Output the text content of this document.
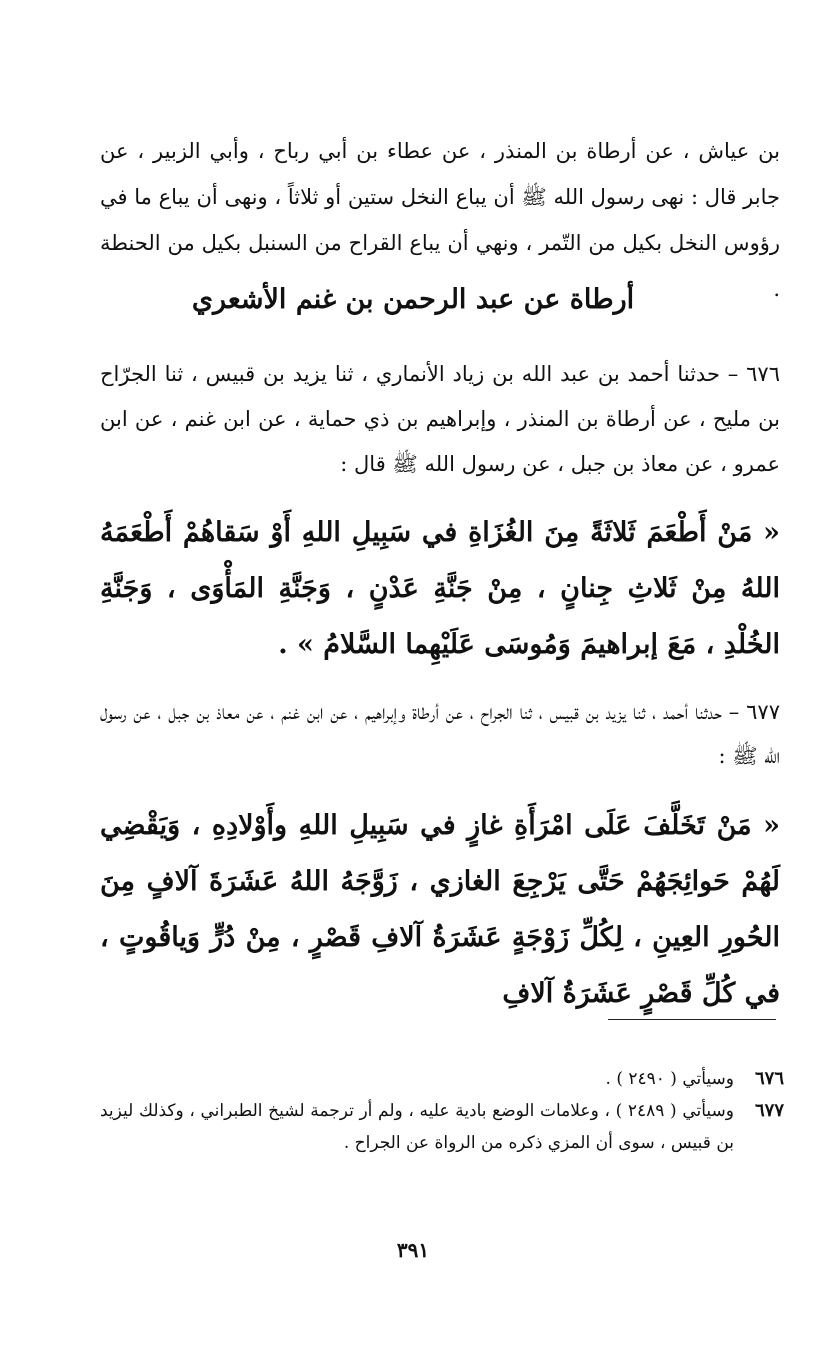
بن عياش ، عن أرطاة بن المنذر ، عن عطاء بن أبي رباح ، وأبي الزبير ، عن جابر قال : نهى رسول الله ﷺ أن يباع النخل ستين أو ثلاثاً ، ونهى أن يباع ما في رؤوس النخل بكيل من التّمر ، ونهي أن يباع القراح من السنبل بكيل من الحنطة .

أرطاة عن عبد الرحمن بن غنم الأشعري

٦٧٦ – حدثنا أحمد بن عبد الله بن زياد الأنماري ، ثنا يزيد بن قبيس ، ثنا الجرّاح بن مليح ، عن أرطاة بن المنذر ، وإبراهيم بن ذي حماية ، عن ابن غنم ، عن ابن عمرو ، عن معاذ بن جبل ، عن رسول الله ﷺ قال :

« مَنْ أَطْعَمَ ثَلاثَةً مِنَ الغُزَاةِ في سَبِيلِ اللهِ أَوْ سَقاهُمْ أَطْعَمَهُ اللهُ مِنْ ثَلاثِ جِنانٍ ، مِنْ جَنَّةِ عَدْنٍ ، وَجَنَّةِ المَأْوَى ، وَجَنَّةِ الخُلْدِ ، مَعَ إبراهيمَ وَمُوسَى عَلَيْهِما السَّلامُ » .

٦٧٧ – حدثنا أحمد ، ثنا يزيد بن قبيس ، ثنا الجراح ، عن أرطاة وإبراهيم ، عن ابن غنم ، عن معاذ بن جبل ، عن رسول الله ﷺ :

« مَنْ تَخَلَّفَ عَلَى امْرَأَةِ غازٍ في سَبِيلِ اللهِ وأَوْلادِهِ ، وَيَقْضِي لَهُمْ حَوائِجَهُمْ حَتَّى يَرْجِعَ الغازي ، زَوَّجَهُ اللهُ عَشَرَةَ آلافٍ مِنَ الحُورِ العِينِ ، لِكُلِّ زَوْجَةٍ عَشَرَةُ آلافِ قَصْرٍ ، مِنْ دُرٍّ وَياقُوتٍ ، في كُلِّ قَصْرٍ عَشَرَةُ آلافِ

٦٧٦
وسيأتي ( ٢٤٩٠ ) .
٦٧٧
وسيأتي ( ٢٤٨٩ ) ، وعلامات الوضع بادية عليه ، ولم أر ترجمة لشيخ الطبراني ، وكذلك ليزيد بن قبيس ، سوى أن المزي ذكره من الرواة عن الجراح .
٣٩١
